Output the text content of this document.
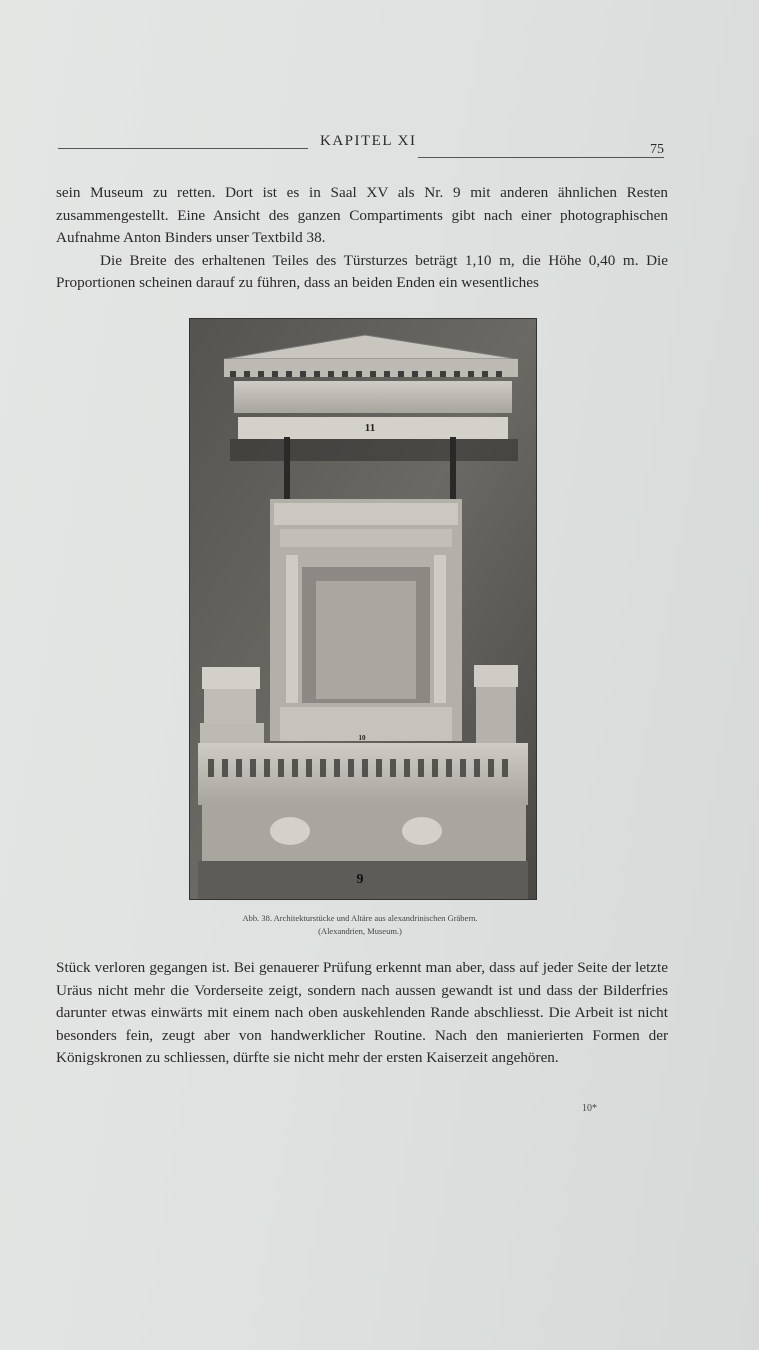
KAPITEL XI
75

sein Museum zu retten. Dort ist es in Saal XV als Nr. 9 mit anderen ähnlichen Resten zusammengestellt. Eine Ansicht des ganzen Compartiments gibt nach einer photographischen Aufnahme Anton Binders unser Textbild 38.

Die Breite des erhaltenen Teiles des Türsturzes beträgt 1,10 m, die Höhe 0,40 m. Die Proportionen scheinen darauf zu führen, dass an beiden Enden ein wesentliches

11
10
9
Abb. 38. Architekturstücke und Altäre aus alexandrinischen Gräbern.
(Alexandrien, Museum.)

Stück verloren gegangen ist. Bei genauerer Prüfung erkennt man aber, dass auf jeder Seite der letzte Uräus nicht mehr die Vorderseite zeigt, sondern nach aussen gewandt ist und dass der Bilderfries darunter etwas einwärts mit einem nach oben auskehlenden Rande abschliesst. Die Arbeit ist nicht besonders fein, zeugt aber von handwerklicher Routine. Nach den manierierten Formen der Königskronen zu schliessen, dürfte sie nicht mehr der ersten Kaiserzeit angehören.

10*
